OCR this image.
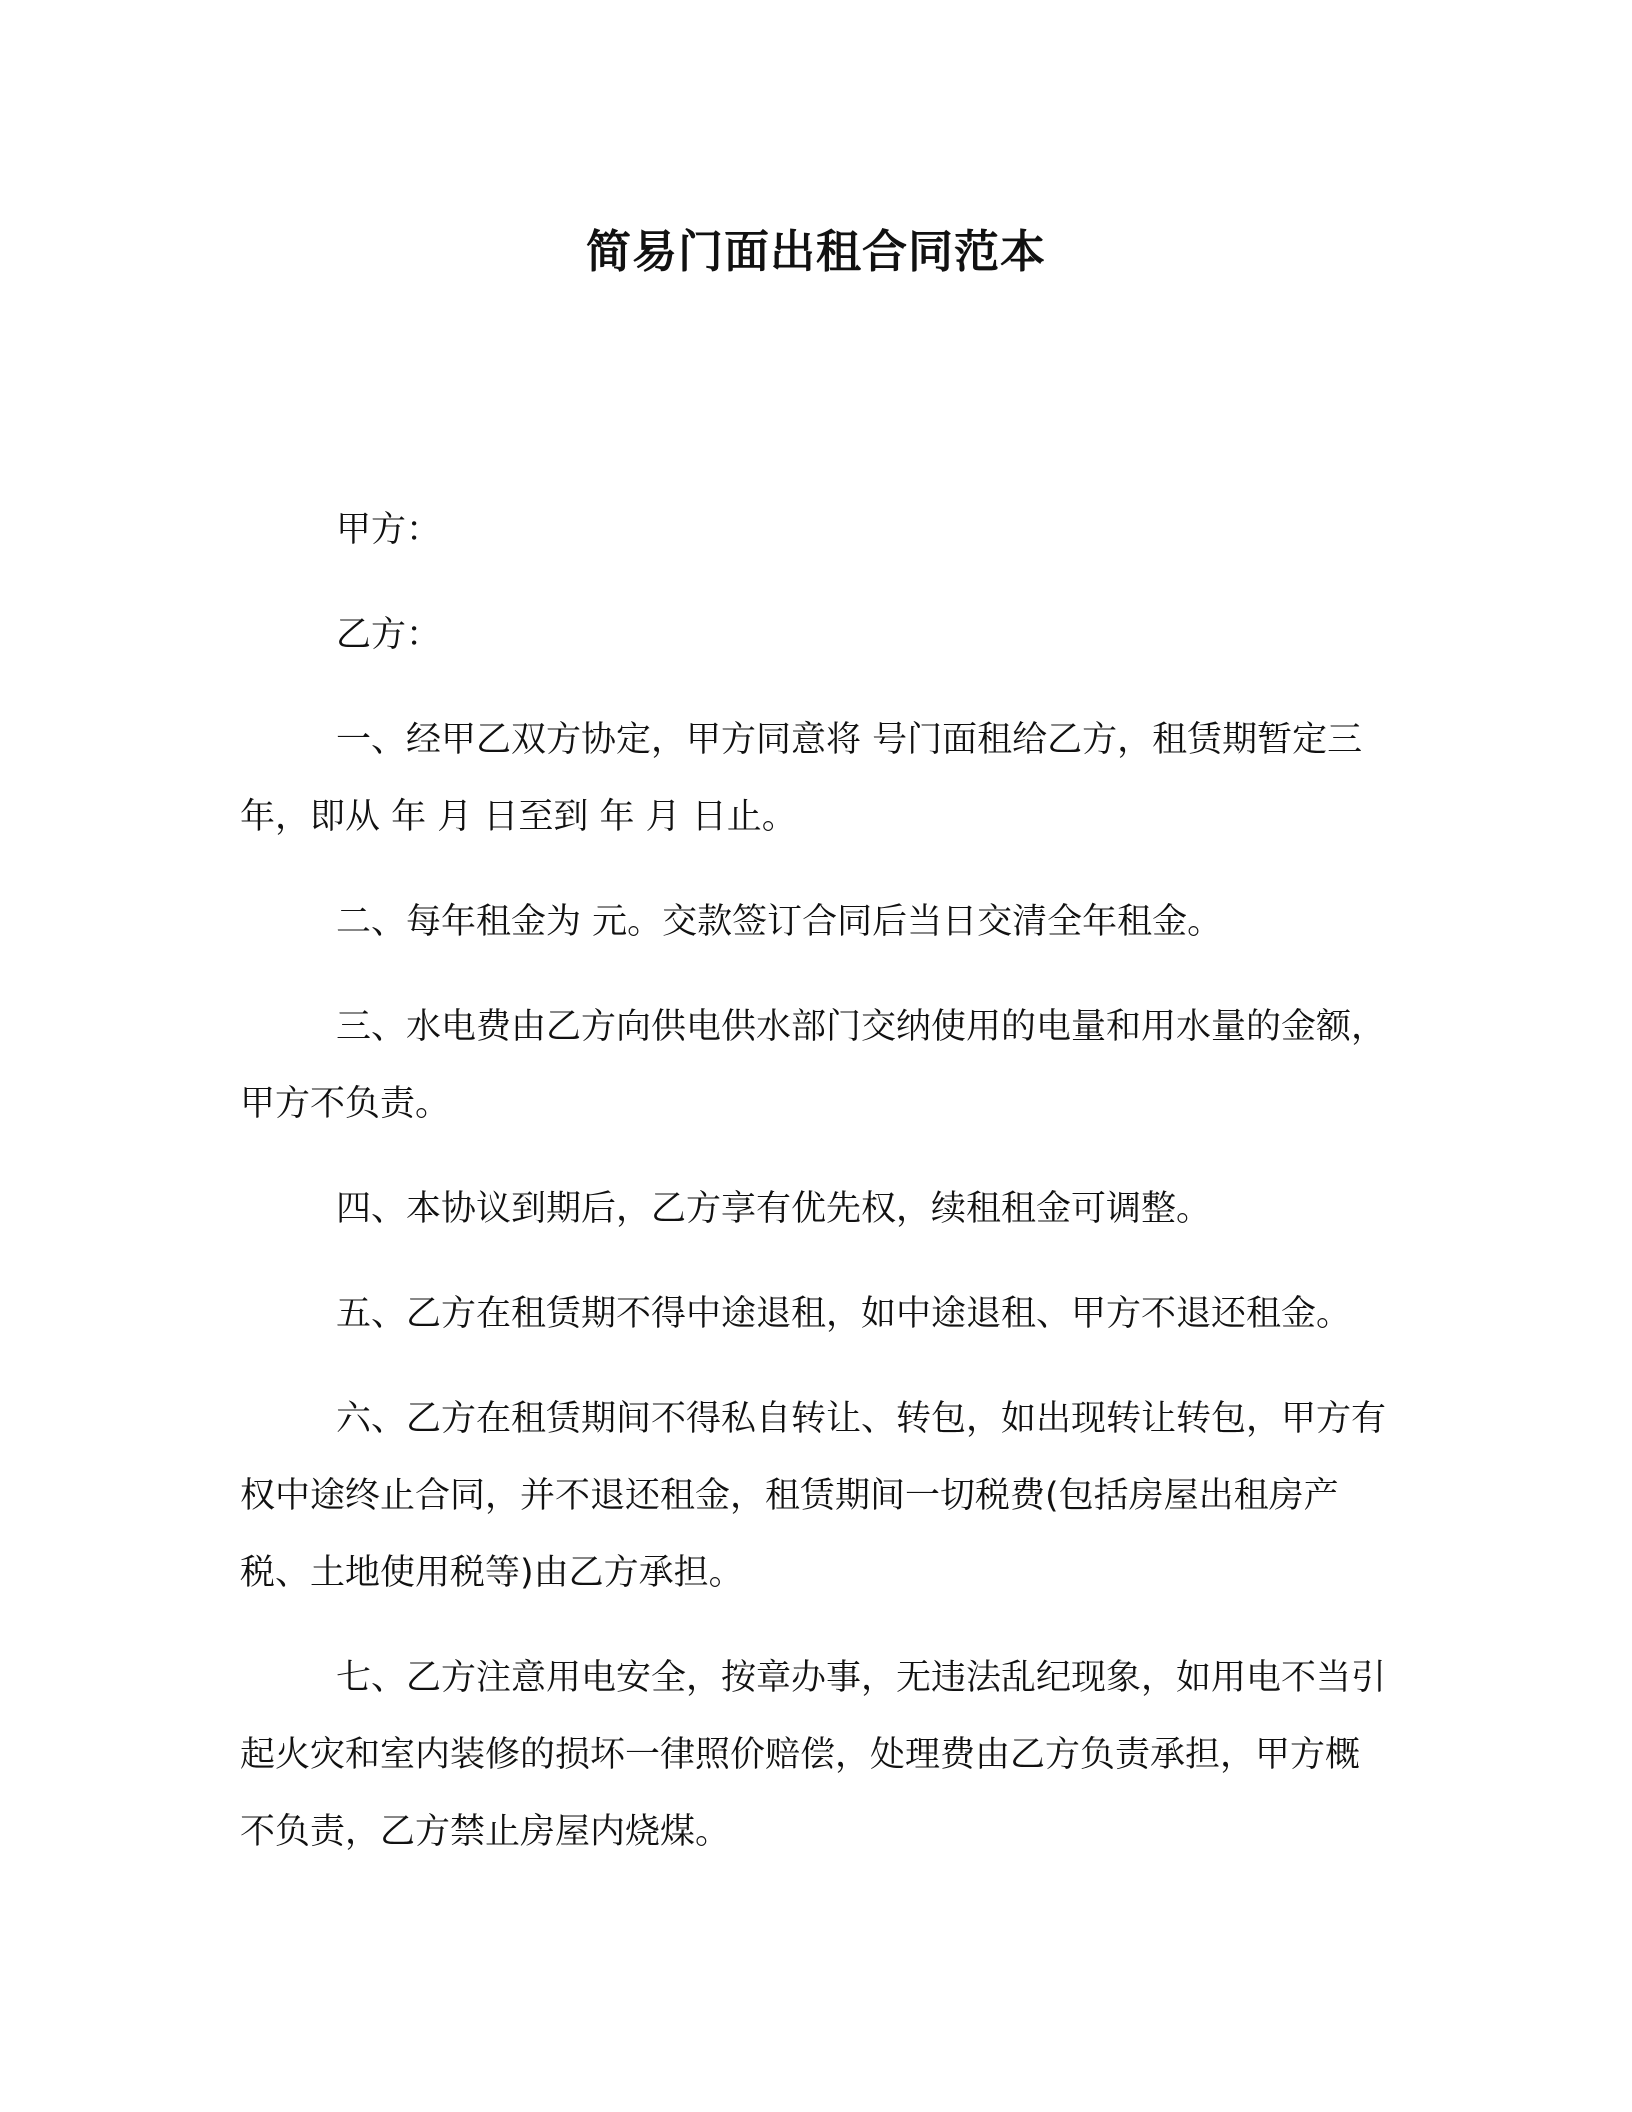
简易门面出租合同范本

甲方：

乙方：

一、经甲乙双方协定，甲方同意将 号门面租给乙方，租赁期暂定三年，即从 年 月 日至到 年 月 日止。

二、每年租金为 元。交款签订合同后当日交清全年租金。

三、水电费由乙方向供电供水部门交纳使用的电量和用水量的金额，甲方不负责。

四、本协议到期后，乙方享有优先权，续租租金可调整。

五、乙方在租赁期不得中途退租，如中途退租、甲方不退还租金。

六、乙方在租赁期间不得私自转让、转包，如出现转让转包，甲方有权中途终止合同，并不退还租金，租赁期间一切税费(包括房屋出租房产税、土地使用税等)由乙方承担。

七、乙方注意用电安全，按章办事，无违法乱纪现象，如用电不当引起火灾和室内装修的损坏一律照价赔偿，处理费由乙方负责承担，甲方概不负责，乙方禁止房屋内烧煤。
